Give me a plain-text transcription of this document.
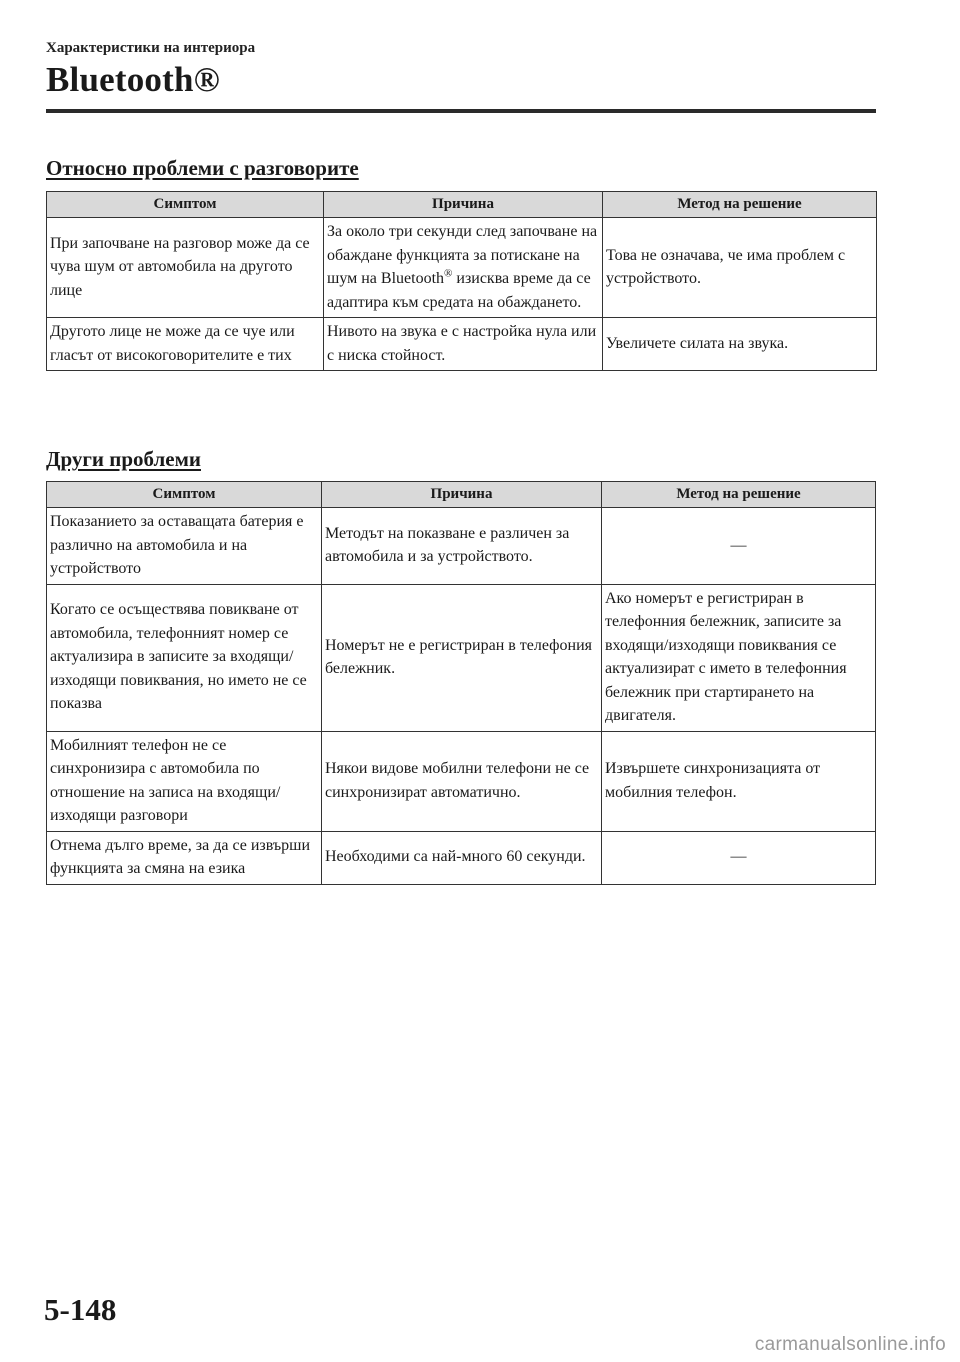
Характеристики на интериора
Bluetooth®
Относно проблеми с разговорите
Симптом	Причина	Метод на решение
При започване на разговор може да се чува шум от автомобила на другото лице	За около три секунди след започване на обаждане функцията за потискане на шум на Bluetooth® изисква време да се адаптира към средата на обаждането.	Това не означава, че има проблем с устройството.
Другото лице не може да се чуе или гласът от високоговорителите е тих	Нивото на звука е с настройка нула или с ниска стойност.	Увеличете силата на звука.
Други проблеми
Симптом	Причина	Метод на решение
Показанието за оставащата батерия е различно на автомобила и на устройството	Методът на показване е различен за автомобила и за устройството.	—
Когато се осъществява повикване от автомобила, телефонният номер се актуализира в записите за входящи/изходящи повиквания, но името не се показва	Номерът не е регистриран в телефония бележник.	Ако номерът е регистриран в телефонния бележник, записите за входящи/изходящи повиквания се актуализират с името в телефонния бележник при стартирането на двигателя.
Мобилният телефон не се синхронизира с автомобила по отношение на записа на входящи/изходящи разговори	Някои видове мобилни телефони не се синхронизират автоматично.	Извършете синхронизацията от мобилния телефон.
Отнема дълго време, за да се извърши функцията за смяна на езика	Необходими са най-много 60 секунди.	—
5-148
carmanualsonline.info
